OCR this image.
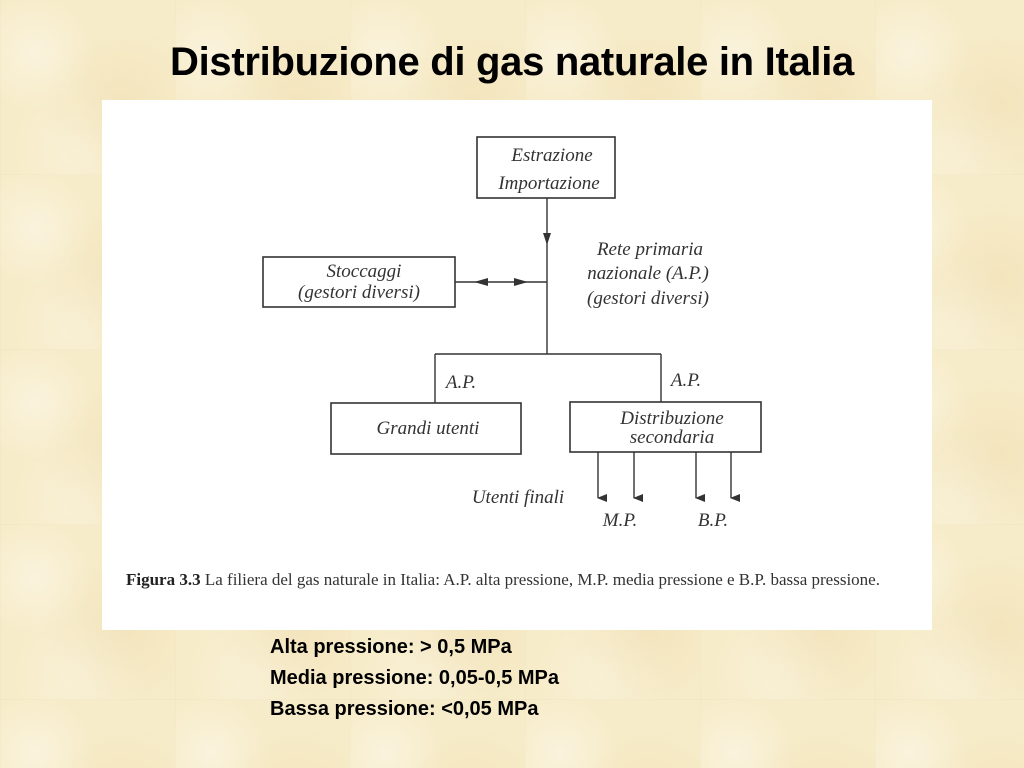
Distribuzione di gas naturale in Italia
Estrazione
Importazione
Rete primaria
nazionale (A.P.)
(gestori diversi)
Stoccaggi
(gestori diversi)
A.P.	A.P.
Grandi utenti	Distribuzione
secondaria
Utenti finali
M.P.	B.P.
Figura 3.3 La filiera del gas naturale in Italia: A.P. alta pressione, M.P. media pressione e B.P. bassa pressione.
Alta pressione: > 0,5 MPa
Media pressione: 0,05-0,5 MPa
Bassa pressione: <0,05 MPa
